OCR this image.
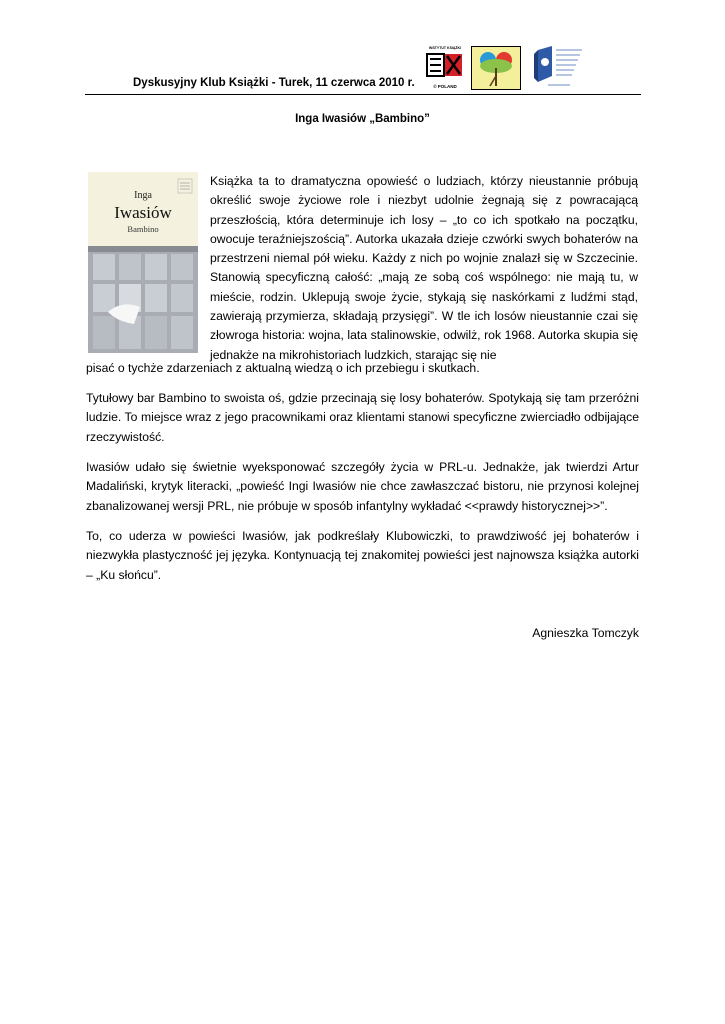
Dyskusyjny Klub Książki - Turek, 11 czerwca 2010 r.
INSTYTUT KSIĄŻKI
© POLAND
Inga Iwasiów „Bambino”
Inga
Iwasiów
Bambino

Książka ta to dramatyczna opowieść o ludziach, którzy nieustannie próbują określić swoje życiowe role i niezbyt udolnie żegnają się z powracającą przeszłością, która determinuje ich losy – „to co ich spotkało na początku, owocuje teraźniejszością”. Autorka ukazała dzieje czwórki swych bohaterów na przestrzeni niemal pół wieku. Każdy z nich po wojnie znalazł się w Szczecinie. Stanowią specyficzną całość: „mają ze sobą coś wspólnego: nie mają tu, w mieście, rodzin. Uklepują swoje życie, stykają się naskórkami z ludźmi stąd, zawierają przymierza, składają przysięgi”. W tle ich losów nieustannie czai się złowroga historia: wojna, lata stalinowskie, odwilż, rok 1968. Autorka skupia się jednakże na mikrohistoriach ludzkich, starając się nie

pisać o tychże zdarzeniach z aktualną wiedzą o ich przebiegu i skutkach.

Tytułowy bar Bambino to swoista oś, gdzie przecinają się losy bohaterów. Spotykają się tam przeróżni ludzie. To miejsce wraz z jego pracownikami oraz klientami stanowi specyficzne zwierciadło odbijające rzeczywistość.

Iwasiów udało się świetnie wyeksponować szczegóły życia w PRL-u. Jednakże, jak twierdzi Artur Madaliński, krytyk literacki, „powieść Ingi Iwasiów nie chce zawłaszczać bistoru, nie przynosi kolejnej zbanalizowanej wersji PRL, nie próbuje w sposób infantylny wykładać <<prawdy historycznej>>”.

To, co uderza w powieści Iwasiów, jak podkreślały Klubowiczki, to prawdziwość jej bohaterów i niezwykła plastyczność jej języka. Kontynuacją tej znakomitej powieści jest najnowsza książka autorki – „Ku słońcu”.

Agnieszka Tomczyk
